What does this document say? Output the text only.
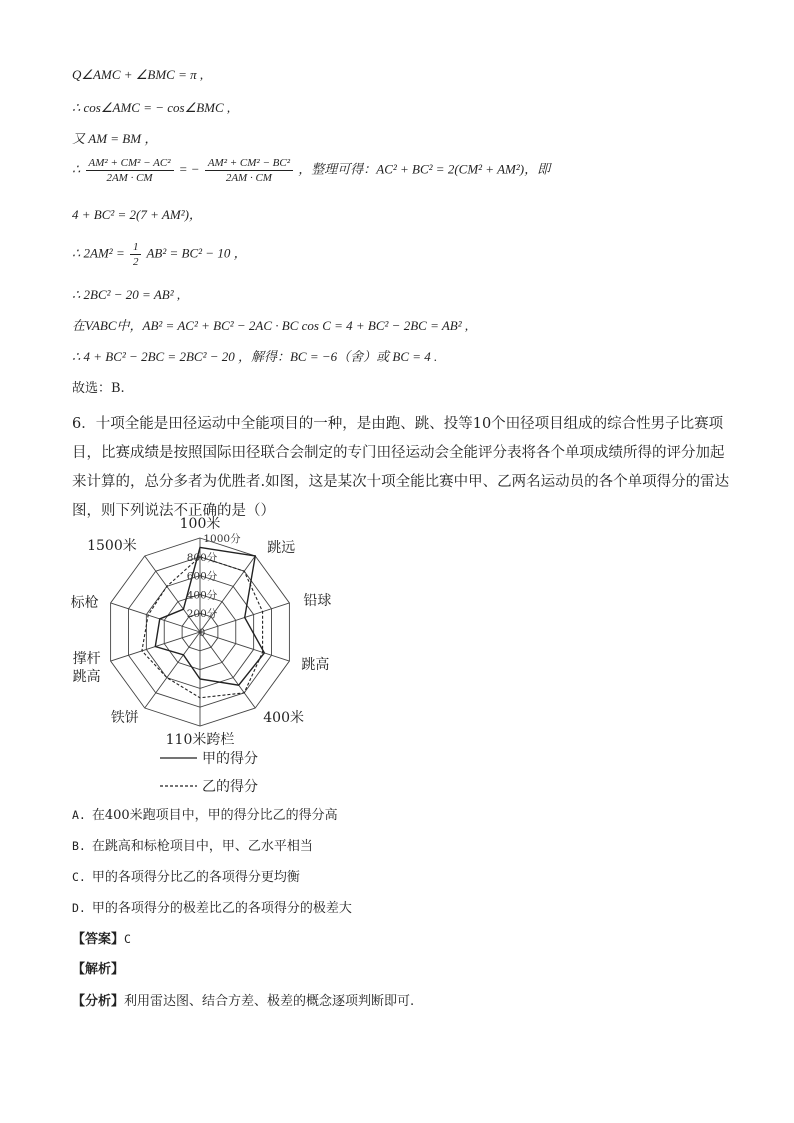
Q∠AMC + ∠BMC = π ,
∴ cos∠AMC = − cos∠BMC ,
又 AM = BM ，
∴ $\frac{\text{AM² + CM² − AC²}}{2AM \cdot CM}$ = − $\frac{\text{AM² + CM² − BC²}}{2AM \cdot CM}$ ，整理可得：AC² + BC² = 2(CM² + AM²)，即
4 + BC² = 2(7 + AM²)，
∴ $2AM^2 = \frac{1}{2} AB^2 = BC^2 - 10$ ，
∴ 2BC² − 20 = AB² ,
在VABC中，AB² = AC² + BC² − 2AC · BC cos C = 4 + BC² − 2BC = AB² ,
∴ 4 + BC² − 2BC = 2BC² − 20 ，解得：BC = −6（舍）或 BC = 4 .
故选：B.
6．十项全能是田径运动中全能项目的一种，是由跑、跳、投等10个田径项目组成的综合性男子比赛项目，比赛成绩是按照国际田径联合会制定的专门田径运动会全能评分表将各个单项成绩所得的评分加起来计算的，总分多者为优胜者.如图，这是某次十项全能比赛中甲、乙两名运动员的各个单项得分的雷达图，则下列说法不正确的是（）
0
200分
400分
600分
800分
1000分
100米
跳远
铅球
跳高
400米
110米跨栏
铁饼
撑杆
跳高
标枪
1500米
甲的得分
乙的得分
A. 在400米跑项目中，甲的得分比乙的得分高
B. 在跳高和标枪项目中，甲、乙水平相当
C. 甲的各项得分比乙的各项得分更均衡
D. 甲的各项得分的极差比乙的各项得分的极差大
【答案】C
【解析】
【分析】利用雷达图、结合方差、极差的概念逐项判断即可.
